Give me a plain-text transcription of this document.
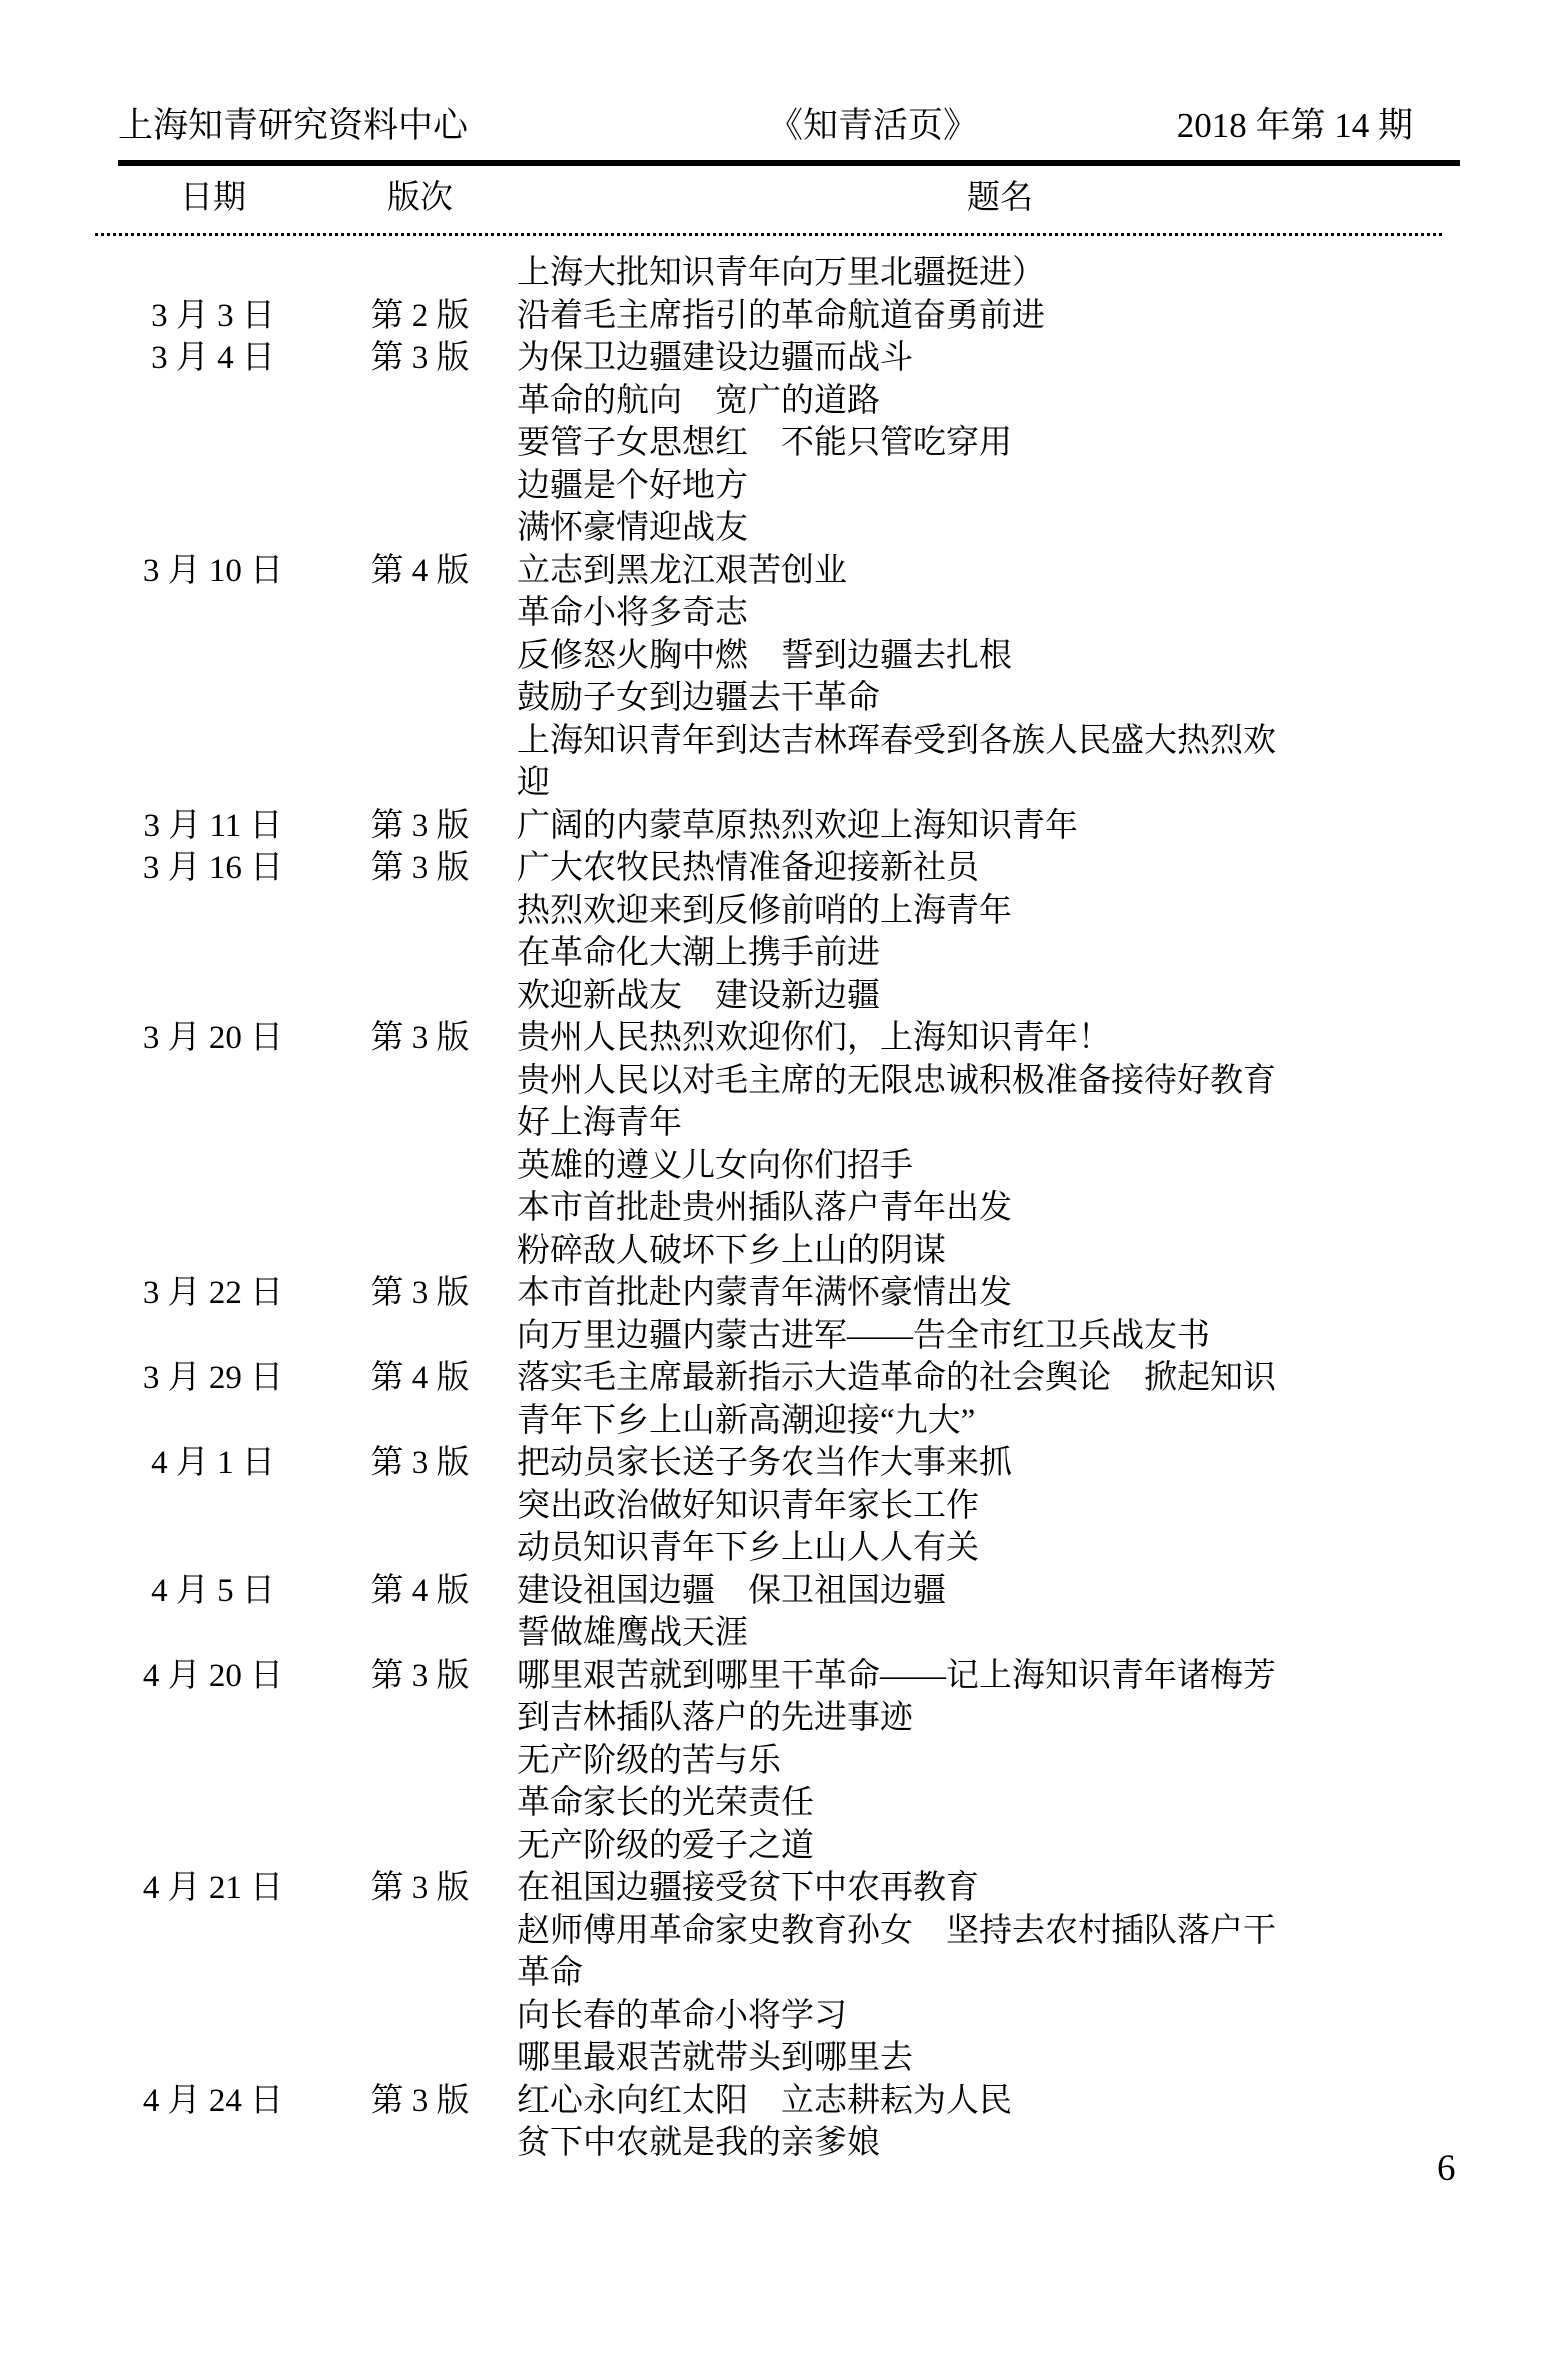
上海知青研究资料中心	《知青活页》	2018 年第 14 期
日期	版次	题名
上海大批知识青年向万里北疆挺进）
3 月 3 日	第 2 版 沿着毛主席指引的革命航道奋勇前进
3 月 4 日	第 3 版 为保卫边疆建设边疆而战斗
革命的航向　宽广的道路
要管子女思想红　不能只管吃穿用
边疆是个好地方
满怀豪情迎战友
3 月 10 日	第 4 版 立志到黑龙江艰苦创业
革命小将多奇志
反修怒火胸中燃　誓到边疆去扎根
鼓励子女到边疆去干革命
上海知识青年到达吉林珲春受到各族人民盛大热烈欢
迎
3 月 11 日	第 3 版 广阔的内蒙草原热烈欢迎上海知识青年
3 月 16 日	第 3 版 广大农牧民热情准备迎接新社员
热烈欢迎来到反修前哨的上海青年
在革命化大潮上携手前进
欢迎新战友　建设新边疆
3 月 20 日	第 3 版 贵州人民热烈欢迎你们，上海知识青年！
贵州人民以对毛主席的无限忠诚积极准备接待好教育
好上海青年
英雄的遵义儿女向你们招手
本市首批赴贵州插队落户青年出发
粉碎敌人破坏下乡上山的阴谋
3 月 22 日	第 3 版 本市首批赴内蒙青年满怀豪情出发
向万里边疆内蒙古进军——告全市红卫兵战友书
3 月 29 日	第 4 版 落实毛主席最新指示大造革命的社会舆论　掀起知识
青年下乡上山新高潮迎接“九大”
4 月 1 日	第 3 版 把动员家长送子务农当作大事来抓
突出政治做好知识青年家长工作
动员知识青年下乡上山人人有关
4 月 5 日	第 4 版 建设祖国边疆　保卫祖国边疆
誓做雄鹰战天涯
4 月 20 日	第 3 版 哪里艰苦就到哪里干革命——记上海知识青年诸梅芳
到吉林插队落户的先进事迹
无产阶级的苦与乐
革命家长的光荣责任
无产阶级的爱子之道
4 月 21 日	第 3 版 在祖国边疆接受贫下中农再教育
赵师傅用革命家史教育孙女　坚持去农村插队落户干
革命
向长春的革命小将学习
哪里最艰苦就带头到哪里去
4 月 24 日	第 3 版 红心永向红太阳　立志耕耘为人民
贫下中农就是我的亲爹娘
6
